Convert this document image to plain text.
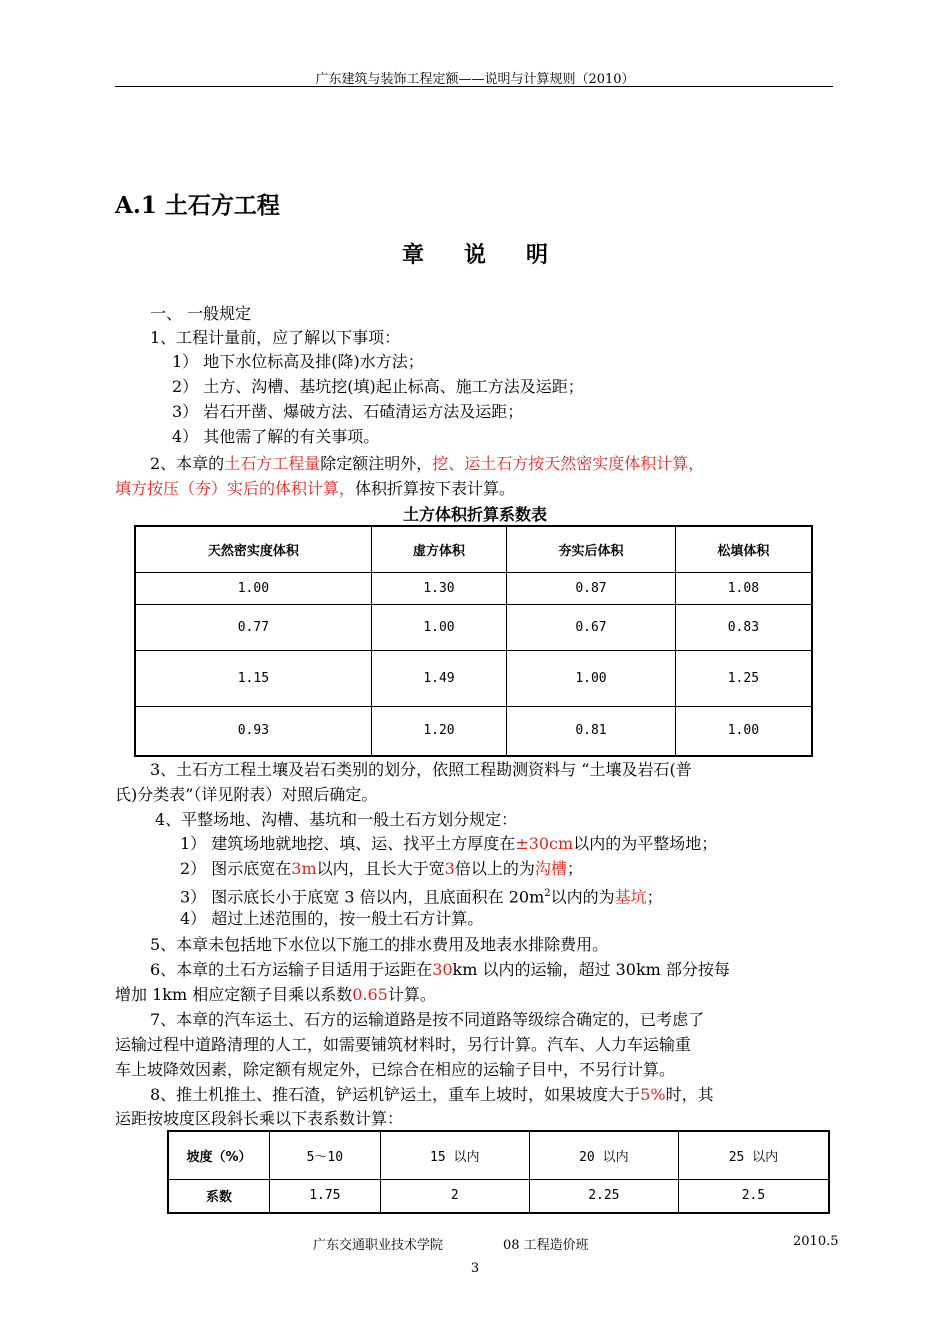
广东建筑与装饰工程定额——说明与计算规则（2010）
A.1 土石方工程
章说明
一、 一般规定
1、工程计量前，应了解以下事项：
1） 地下水位标高及排(降)水方法；
2） 土方、沟槽、基坑挖(填)起止标高、施工方法及运距；
3） 岩石开凿、爆破方法、石碴清运方法及运距；
4） 其他需了解的有关事项。
2、本章的土石方工程量除定额注明外，挖、运土石方按天然密实度体积计算，
填方按压（夯）实后的体积计算，体积折算按下表计算。
土方体积折算系数表
天然密实度体积	虚方体积	夯实后体积	松填体积
1.00	1.30	0.87	1.08
0.77	1.00	0.67	0.83
1.15	1.49	1.00	1.25
0.93	1.20	0.81	1.00
3、土石方工程土壤及岩石类别的划分，依照工程勘测资料与 “土壤及岩石(普
氏)分类表”（详见附表）对照后确定。
4、平整场地、沟槽、基坑和一般土石方划分规定：
1） 建筑场地就地挖、填、运、找平土方厚度在±30cm以内的为平整场地；
2） 图示底宽在3m以内，且长大于宽3倍以上的为沟槽；
3） 图示底长小于底宽 3 倍以内，且底面积在 $20m^2$以内的为基坑；
4） 超过上述范围的，按一般土石方计算。
5、本章未包括地下水位以下施工的排水费用及地表水排除费用。
6、本章的土石方运输子目适用于运距在30km 以内的运输，超过 30km 部分按每
增加 1km 相应定额子目乘以系数0.65计算。
7、本章的汽车运土、石方的运输道路是按不同道路等级综合确定的，已考虑了
运输过程中道路清理的人工，如需要铺筑材料时，另行计算。汽车、人力车运输重
车上坡降效因素，除定额有规定外，已综合在相应的运输子目中，不另行计算。
8、推土机推土、推石渣，铲运机铲运土，重车上坡时，如果坡度大于5%时，其
运距按坡度区段斜长乘以下表系数计算：
坡度（%）	5～10	15 以内	20 以内	25 以内
系数	1.75	2	2.25	2.5
广东交通职业技术学院	08 工程造价班	2010.5
3
